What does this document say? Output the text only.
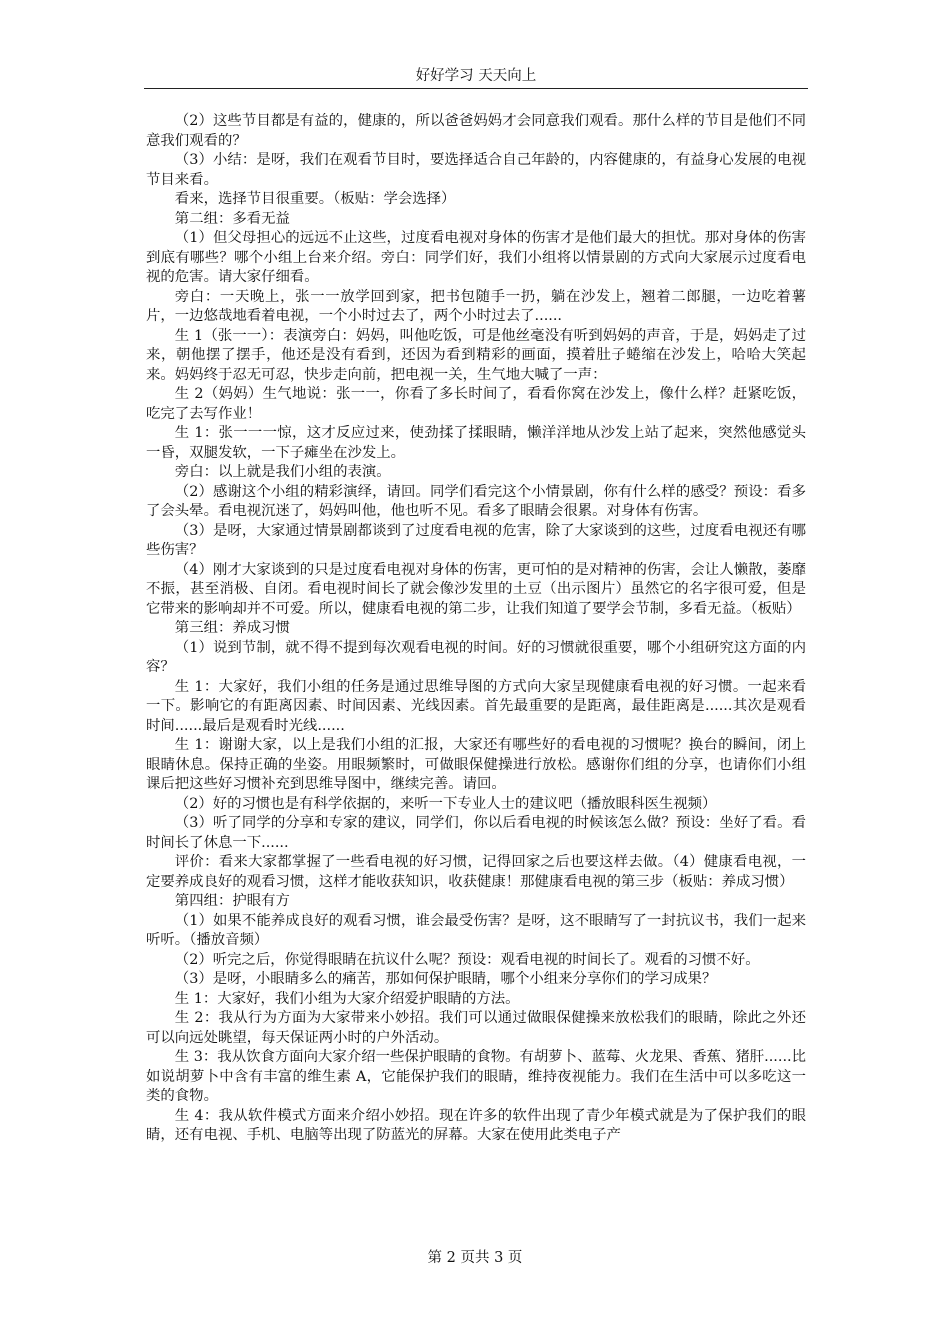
好好学习 天天向上

（2）这些节目都是有益的，健康的，所以爸爸妈妈才会同意我们观看。那什么样的节目是他们不同意我们观看的？

（3）小结：是呀，我们在观看节目时，要选择适合自己年龄的，内容健康的，有益身心发展的电视节目来看。

看来，选择节目很重要。（板贴：学会选择）

第二组：多看无益

（1）但父母担心的远远不止这些，过度看电视对身体的伤害才是他们最大的担忧。那对身体的伤害到底有哪些？哪个小组上台来介绍。旁白：同学们好，我们小组将以情景剧的方式向大家展示过度看电视的危害。请大家仔细看。

旁白：一天晚上，张一一放学回到家，把书包随手一扔，躺在沙发上，翘着二郎腿，一边吃着薯片，一边悠哉地看着电视，一个小时过去了，两个小时过去了......

生 1（张一一）：表演旁白：妈妈，叫他吃饭，可是他丝毫没有听到妈妈的声音，于是，妈妈走了过来，朝他摆了摆手，他还是没有看到，还因为看到精彩的画面，摸着肚子蜷缩在沙发上，哈哈大笑起来。妈妈终于忍无可忍，快步走向前，把电视一关，生气地大喊了一声：

生 2（妈妈）生气地说：张一一，你看了多长时间了，看看你窝在沙发上，像什么样？赶紧吃饭，吃完了去写作业！

生 1：张一一一惊，这才反应过来，使劲揉了揉眼睛，懒洋洋地从沙发上站了起来，突然他感觉头一昏，双腿发软，一下子瘫坐在沙发上。

旁白：以上就是我们小组的表演。

（2）感谢这个小组的精彩演绎，请回。同学们看完这个小情景剧，你有什么样的感受？预设：看多了会头晕。看电视沉迷了，妈妈叫他，他也听不见。看多了眼睛会很累。对身体有伤害。

（3）是呀，大家通过情景剧都谈到了过度看电视的危害，除了大家谈到的这些，过度看电视还有哪些伤害？

（4）刚才大家谈到的只是过度看电视对身体的伤害，更可怕的是对精神的伤害，会让人懒散，萎靡不振，甚至消极、自闭。看电视时间长了就会像沙发里的土豆（出示图片）虽然它的名字很可爱，但是它带来的影响却并不可爱。所以，健康看电视的第二步，让我们知道了要学会节制，多看无益。（板贴）

第三组：养成习惯

（1）说到节制，就不得不提到每次观看电视的时间。好的习惯就很重要，哪个小组研究这方面的内容？

生 1：大家好，我们小组的任务是通过思维导图的方式向大家呈现健康看电视的好习惯。一起来看一下。影响它的有距离因素、时间因素、光线因素。首先最重要的是距离，最佳距离是......其次是观看时间......最后是观看时光线......

生 1：谢谢大家，以上是我们小组的汇报，大家还有哪些好的看电视的习惯呢？换台的瞬间，闭上眼睛休息。保持正确的坐姿。用眼频繁时，可做眼保健操进行放松。感谢你们组的分享，也请你们小组课后把这些好习惯补充到思维导图中，继续完善。请回。

（2）好的习惯也是有科学依据的，来听一下专业人士的建议吧（播放眼科医生视频）

（3）听了同学的分享和专家的建议，同学们，你以后看电视的时候该怎么做？预设：坐好了看。看时间长了休息一下......

评价：看来大家都掌握了一些看电视的好习惯，记得回家之后也要这样去做。（4）健康看电视，一定要养成良好的观看习惯，这样才能收获知识，收获健康！那健康看电视的第三步（板贴：养成习惯）

第四组：护眼有方

（1）如果不能养成良好的观看习惯，谁会最受伤害？是呀，这不眼睛写了一封抗议书，我们一起来听听。（播放音频）

（2）听完之后，你觉得眼睛在抗议什么呢？预设：观看电视的时间长了。观看的习惯不好。

（3）是呀，小眼睛多么的痛苦，那如何保护眼睛，哪个小组来分享你们的学习成果？

生 1：大家好，我们小组为大家介绍爱护眼睛的方法。

生 2：我从行为方面为大家带来小妙招。我们可以通过做眼保健操来放松我们的眼睛，除此之外还可以向远处眺望，每天保证两小时的户外活动。

生 3：我从饮食方面向大家介绍一些保护眼睛的食物。有胡萝卜、蓝莓、火龙果、香蕉、猪肝......比如说胡萝卜中含有丰富的维生素 A，它能保护我们的眼睛，维持夜视能力。我们在生活中可以多吃这一类的食物。

生 4：我从软件模式方面来介绍小妙招。现在许多的软件出现了青少年模式就是为了保护我们的眼睛，还有电视、手机、电脑等出现了防蓝光的屏幕。大家在使用此类电子产

第 2 页共 3 页
